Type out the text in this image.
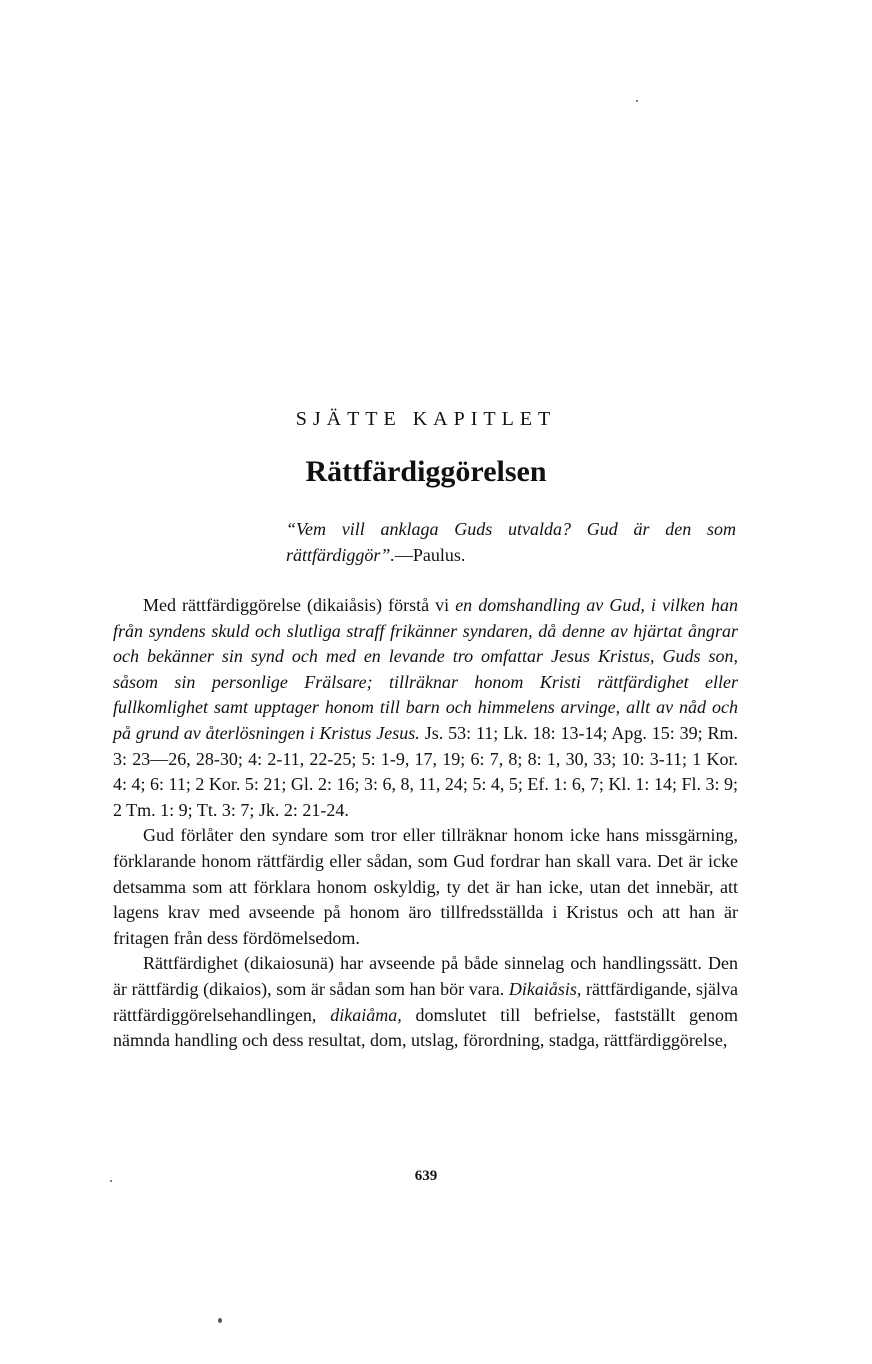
SJÄTTE KAPITLET
Rättfärdiggörelsen
“Vem vill anklaga Guds utvalda? Gud är den som rättfärdiggör”.—Paulus.

Med rättfärdiggörelse (dikaiåsis) förstå vi en domshandling av Gud, i vilken han från syndens skuld och slutliga straff frikänner syndaren, då denne av hjärtat ångrar och bekänner sin synd och med en levande tro omfattar Jesus Kristus, Guds son, såsom sin personlige Frälsare; tillräknar honom Kristi rättfärdighet eller fullkomlighet samt upptager honom till barn och himmelens arvinge, allt av nåd och på grund av återlösningen i Kristus Jesus. Js. 53: 11; Lk. 18: 13-14; Apg. 15: 39; Rm. 3: 23—26, 28-30; 4: 2-11, 22-25; 5: 1-9, 17, 19; 6: 7, 8; 8: 1, 30, 33; 10: 3-11; 1 Kor. 4: 4; 6: 11; 2 Kor. 5: 21; Gl. 2: 16; 3: 6, 8, 11, 24; 5: 4, 5; Ef. 1: 6, 7; Kl. 1: 14; Fl. 3: 9; 2 Tm. 1: 9; Tt. 3: 7; Jk. 2: 21-24.

Gud förlåter den syndare som tror eller tillräknar honom icke hans missgärning, förklarande honom rättfärdig eller sådan, som Gud fordrar han skall vara. Det är icke detsamma som att förklara honom oskyldig, ty det är han icke, utan det innebär, att lagens krav med avseende på honom äro tillfredsställda i Kristus och att han är fritagen från dess fördömelsedom.

Rättfärdighet (dikaiosunä) har avseende på både sinnelag och handlingssätt. Den är rättfärdig (dikaios), som är sådan som han bör vara. Dikaiåsis, rättfärdigande, själva rättfärdiggörelsehandlingen, dikaiåma, domslutet till befrielse, fastställt genom nämnda handling och dess resultat, dom, utslag, förordning, stadga, rättfärdiggörelse,

639
